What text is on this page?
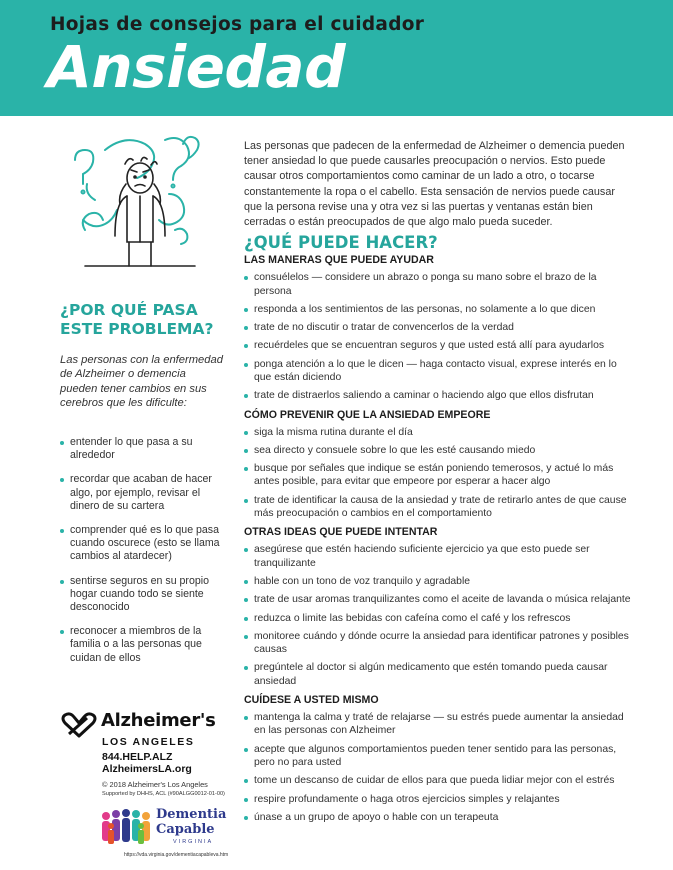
Hojas de consejos para el cuidador
Ansiedad
¿POR QUÉ PASA ESTE PROBLEMA?

Las personas con la enfermedad de Alzheimer o demencia pueden tener cambios en sus cerebros que les dificulte:

entender lo que pasa a su alrededor
recordar que acaban de hacer algo, por ejemplo, revisar el dinero de su cartera
comprender qué es lo que pasa cuando oscurece (esto se llama cambios al atardecer)
sentirse seguros en su propio hogar cuando todo se siente desconocido
reconocer a miembros de la familia o a las personas que cuidan de ellos
Alzheimer's
LOS ANGELES
844.HELP.ALZ
AlzheimersLA.org
© 2018 Alzheimer's Los Angeles
Supported by DHHS, ACL (#90ALGG0012-01-00)
Dementia
Capable
VIRGINIA
https://vda.virginia.gov/dementiacapableva.htm

Las personas que padecen de la enfermedad de Alzheimer o demencia pueden tener ansiedad lo que puede causarles preocupación o nervios. Esto puede causar otros comportamientos como caminar de un lado a otro, o tocarse constantemente la ropa o el cabello. Esta sensación de nervios puede causar que la persona revise una y otra vez si las puertas y ventanas están bien cerradas o están preocupados de que algo malo pueda suceder.

¿QUÉ PUEDE HACER?
LAS MANERAS QUE PUEDE AYUDAR
consuélelos — considere un abrazo o ponga su mano sobre el brazo de la persona
responda a los sentimientos de las personas, no solamente a lo que dicen
trate de no discutir o tratar de convencerlos de la verdad
recuérdeles que se encuentran seguros y que usted está allí para ayudarlos
ponga atención a lo que le dicen — haga contacto visual, exprese interés en lo que están diciendo
trate de distraerlos saliendo a caminar o haciendo algo que ellos disfrutan
CÓMO PREVENIR QUE LA ANSIEDAD EMPEORE
siga la misma rutina durante el día
sea directo y consuele sobre lo que les esté causando miedo
busque por señales que indique se están poniendo temerosos, y actué lo más antes posible, para evitar que empeore por esperar a hacer algo
trate de identificar la causa de la ansiedad y trate de retirarlo antes de que cause más preocupación o cambios en el comportamiento
OTRAS IDEAS QUE PUEDE INTENTAR
asegúrese que estén haciendo suficiente ejercicio ya que esto puede ser tranquilizante
hable con un tono de voz tranquilo y agradable
trate de usar aromas tranquilizantes como el aceite de lavanda o música relajante
reduzca o limite las bebidas con cafeína como el café y los refrescos
monitoree cuándo y dónde ocurre la ansiedad para identificar patrones y posibles causas
pregúntele al doctor si algún medicamento que estén tomando pueda causar ansiedad
CUÍDESE A USTED MISMO
mantenga la calma y traté de relajarse — su estrés puede aumentar la ansiedad en las personas con Alzheimer
acepte que algunos comportamientos pueden tener sentido para las personas, pero no para usted
tome un descanso de cuidar de ellos para que pueda lidiar mejor con el estrés
respire profundamente o haga otros ejercicios simples y relajantes
únase a un grupo de apoyo o hable con un terapeuta
